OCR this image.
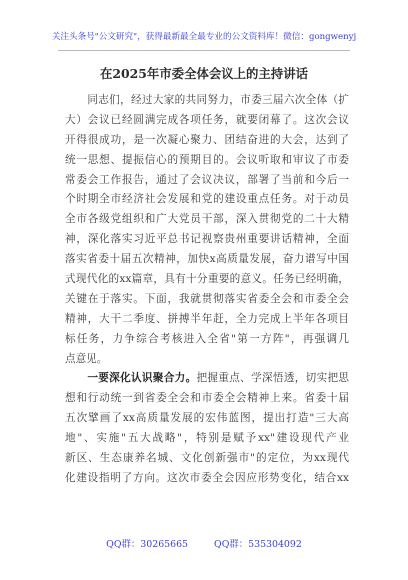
关注头条号"公文研究"，获得最新最全最专业的公文资料库！微信：gongwenyj
在2025年市委全体会议上的主持讲话
同志们，经过大家的共同努力，市委三届六次全体（扩
大）会议已经圆满完成各项任务，就要闭幕了。这次会议
开得很成功，是一次凝心聚力、团结奋进的大会，达到了
统一思想、提振信心的预期目的。会议听取和审议了市委
常委会工作报告，通过了会议决议，部署了当前和今后一
个时期全市经济社会发展和党的建设重点任务。对于动员
全市各级党组织和广大党员干部，深入贯彻党的二十大精
神，深化落实习近平总书记视察贵州重要讲话精神，全面
落实省委十届五次精神，加快x高质量发展，奋力谱写中国
式现代化的xx篇章，具有十分重要的意义。任务已经明确，
关键在于落实。下面，我就贯彻落实省委全会和市委全会
精神，大干二季度、拼搏半年赶，全力完成上半年各项目
标任务，力争综合考核进入全省"第一方阵"，再强调几
点意见。
一要深化认识聚合力。把握重点、学深悟透，切实把思
想和行动统一到省委全会和市委全会精神上来。省委十届
五次擘画了xx高质量发展的宏伟蓝图，提出打造"三大高
地"、实施"五大战略"，特别是赋予xx"建设现代产业
新区、生态康养名城、文化创新强市"的定位，为xx现代
化建设指明了方向。这次市委全会因应形势变化，结合xx
QQ群：30265665	QQ群：535304092
